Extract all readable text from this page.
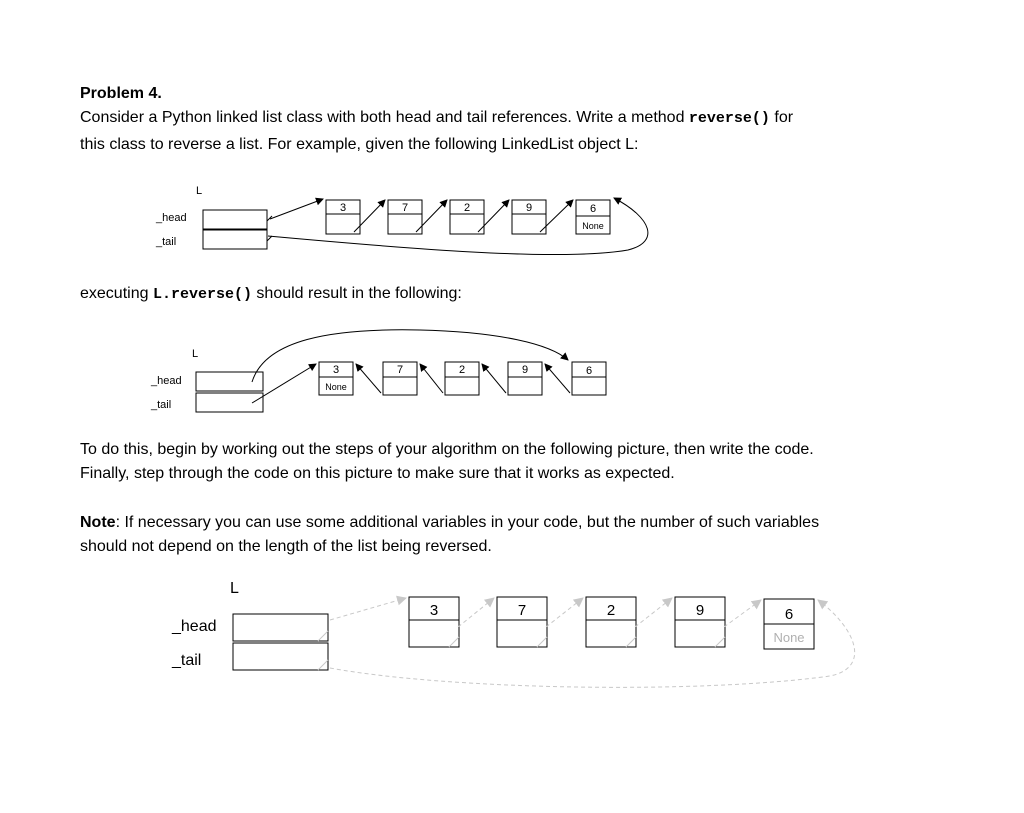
Problem 4.

Consider a Python linked list class with both head and tail references. Write a method reverse() for

this class to reverse a list. For example, given the following LinkedList object L:

executing L.reverse() should result in the following:

To do this, begin by working out the steps of your algorithm on the following picture, then write the code.

Finally, step through the code on this picture to make sure that it works as expected.

Note: If necessary you can use some additional variables in your code, but the number of such variables

should not depend on the length of the list being reversed.

L
_head
_tail
3	7	2	9	6
None
L
_head
_tail
3
None
7	2	9	6
L
_head
_tail
3	7	2	9	6
None
